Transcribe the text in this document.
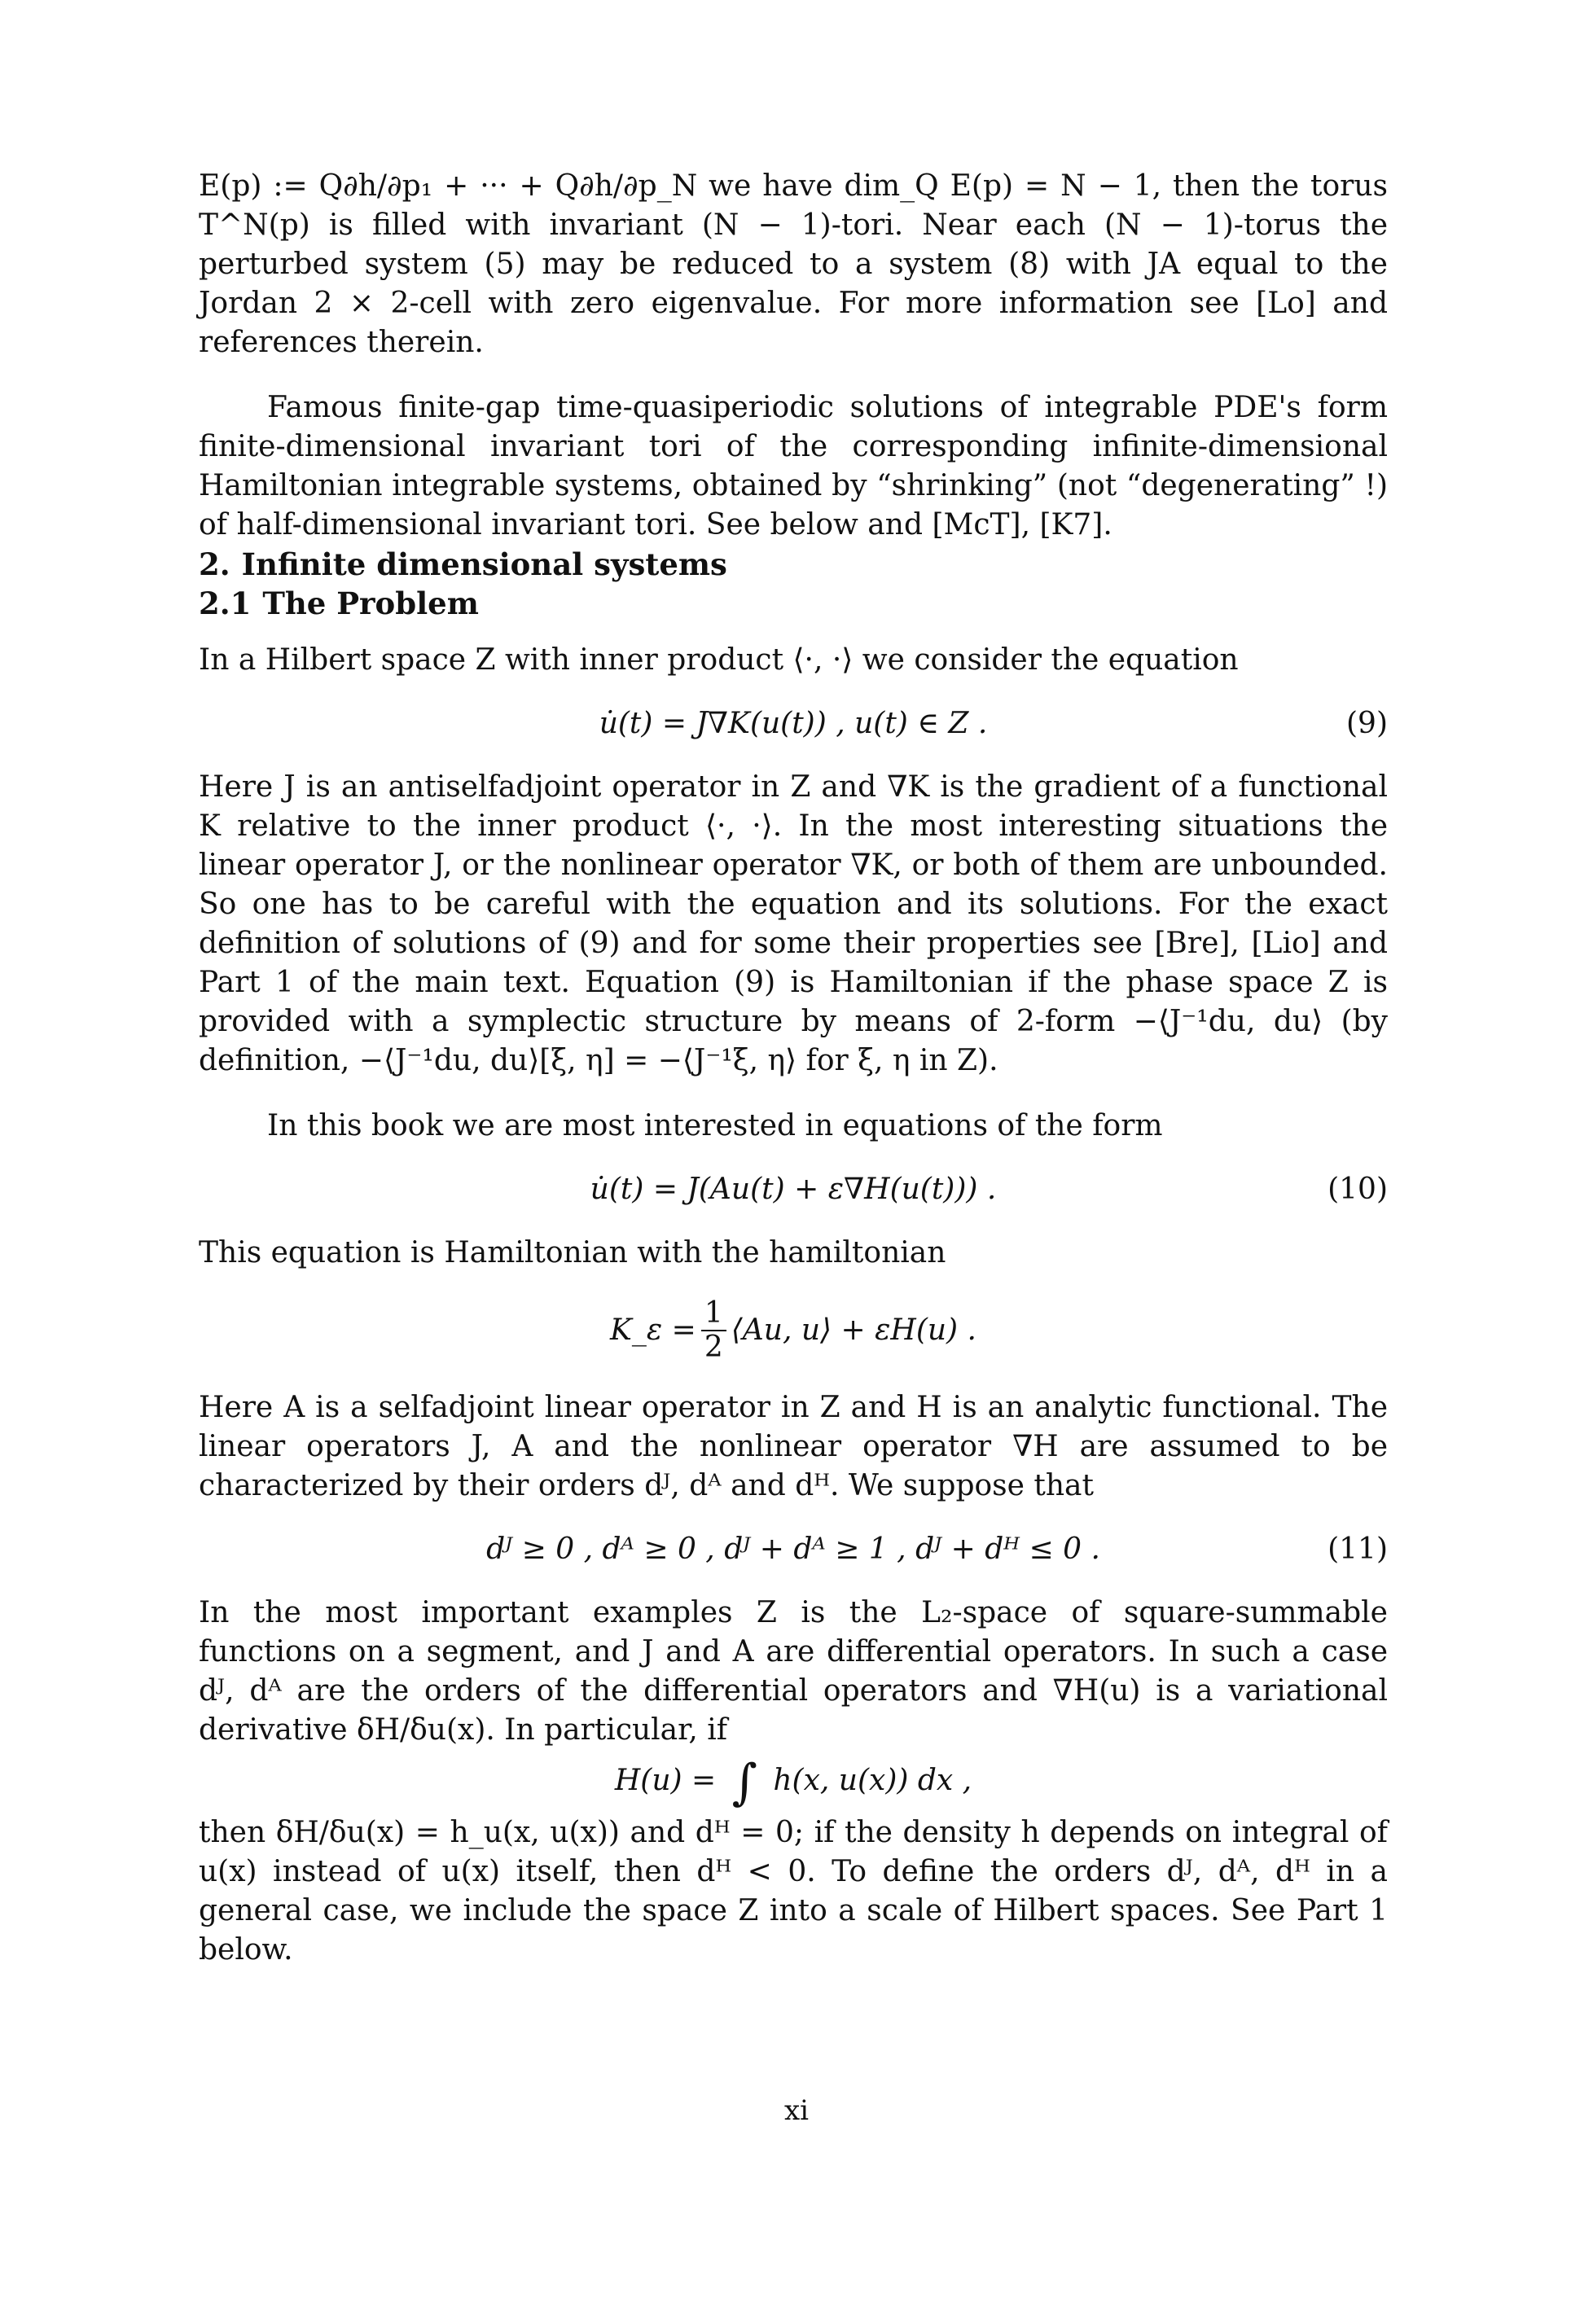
E(p) := Q∂h/∂p₁ + ··· + Q∂h/∂p_N we have dim_Q E(p) = N − 1, then the torus T^N(p) is filled with invariant (N − 1)-tori. Near each (N − 1)-torus the perturbed system (5) may be reduced to a system (8) with JA equal to the Jordan 2 × 2-cell with zero eigenvalue. For more information see [Lo] and references therein.

Famous finite-gap time-quasiperiodic solutions of integrable PDE's form finite-dimensional invariant tori of the corresponding infinite-dimensional Hamiltonian integrable systems, obtained by “shrinking” (not “degenerating” !) of half-dimensional invariant tori. See below and [McT], [K7].

2. Infinite dimensional systems
2.1 The Problem

In a Hilbert space Z with inner product ⟨·, ·⟩ we consider the equation

u̇(t) = J∇K(u(t)) , u(t) ∈ Z .	(9)

Here J is an antiselfadjoint operator in Z and ∇K is the gradient of a functional K relative to the inner product ⟨·, ·⟩. In the most interesting situations the linear operator J, or the nonlinear operator ∇K, or both of them are unbounded. So one has to be careful with the equation and its solutions. For the exact definition of solutions of (9) and for some their properties see [Bre], [Lio] and Part 1 of the main text. Equation (9) is Hamiltonian if the phase space Z is provided with a symplectic structure by means of 2-form −⟨J⁻¹du, du⟩ (by definition, −⟨J⁻¹du, du⟩[ξ, η] = −⟨J⁻¹ξ, η⟩ for ξ, η in Z).

In this book we are most interested in equations of the form

u̇(t) = J(Au(t) + ε∇H(u(t))) .	(10)

This equation is Hamiltonian with the hamiltonian

K_ε = $\frac{1}{2}$ ⟨Au, u⟩ + εH(u) .

Here A is a selfadjoint linear operator in Z and H is an analytic functional. The linear operators J, A and the nonlinear operator ∇H are assumed to be characterized by their orders dᴶ, dᴬ and dᴴ. We suppose that

dᴶ ≥ 0 , dᴬ ≥ 0 , dᴶ + dᴬ ≥ 1 , dᴶ + dᴴ ≤ 0 .	(11)

In the most important examples Z is the L₂-space of square-summable functions on a segment, and J and A are differential operators. In such a case dᴶ, dᴬ are the orders of the differential operators and ∇H(u) is a variational derivative δH/δu(x). In particular, if

H(u) = ∫ h(x, u(x)) dx ,

then δH/δu(x) = h_u(x, u(x)) and dᴴ = 0; if the density h depends on integral of u(x) instead of u(x) itself, then dᴴ < 0. To define the orders dᴶ, dᴬ, dᴴ in a general case, we include the space Z into a scale of Hilbert spaces. See Part 1 below.

xi
